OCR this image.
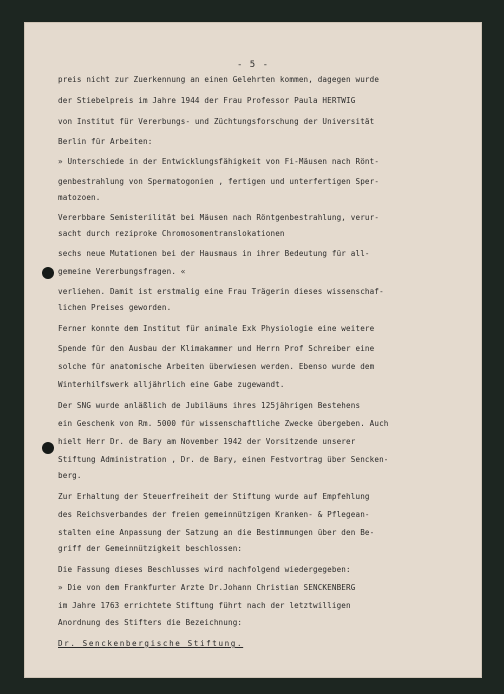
- 5 -
preis nicht zur Zuerkennung an einen Gelehrten kommen, dagegen wurde
der Stiebelpreis im Jahre 1944 der Frau Professor Paula HERTWIG
von Institut für Vererbungs- und Züchtungsforschung der Universität
Berlin für Arbeiten:
» Unterschiede in der Entwicklungsfähigkeit von Fi-Mäusen nach Rönt-
genbestrahlung von Spermatogonien , fertigen und unterfertigen Sper-
matozoen.
Vererbbare Semisterilität bei Mäusen nach Röntgenbestrahlung, verur-
sacht durch reziproke Chromosomentranslokationen
sechs neue Mutationen bei der Hausmaus in ihrer Bedeutung für all-
gemeine Vererbungsfragen. «
verliehen. Damit ist erstmalig eine Frau Trägerin dieses wissenschaf-
lichen Preises geworden.
Ferner konnte dem Institut für animale Exk Physiologie eine weitere
Spende für den Ausbau der Klimakammer und Herrn Prof Schreiber eine
solche für anatomische Arbeiten überwiesen werden. Ebenso wurde dem
Winterhilfswerk alljährlich eine Gabe zugewandt.
Der SNG wurde anläßlich de Jubiläums ihres 125jährigen Bestehens
ein Geschenk von Rm. 5000 für wissenschaftliche Zwecke übergeben. Auch
hielt Herr Dr. de Bary am November 1942 der Vorsitzende unserer
Stiftung Administration , Dr. de Bary, einen Festvortrag über Sencken-
berg.
Zur Erhaltung der Steuerfreiheit der Stiftung wurde auf Empfehlung
des Reichsverbandes der freien gemeinnützigen Kranken- & Pflegean-
stalten eine Anpassung der Satzung an die Bestimmungen über den Be-
griff der Gemeinnützigkeit beschlossen:
Die Fassung dieses Beschlusses wird nachfolgend wiedergegeben:
» Die von dem Frankfurter Arzte Dr.Johann Christian SENCKENBERG
im Jahre 1763 errichtete Stiftung führt nach der letztwilligen
Anordnung des Stifters die Bezeichnung:
Dr. Senckenbergische Stiftung.
